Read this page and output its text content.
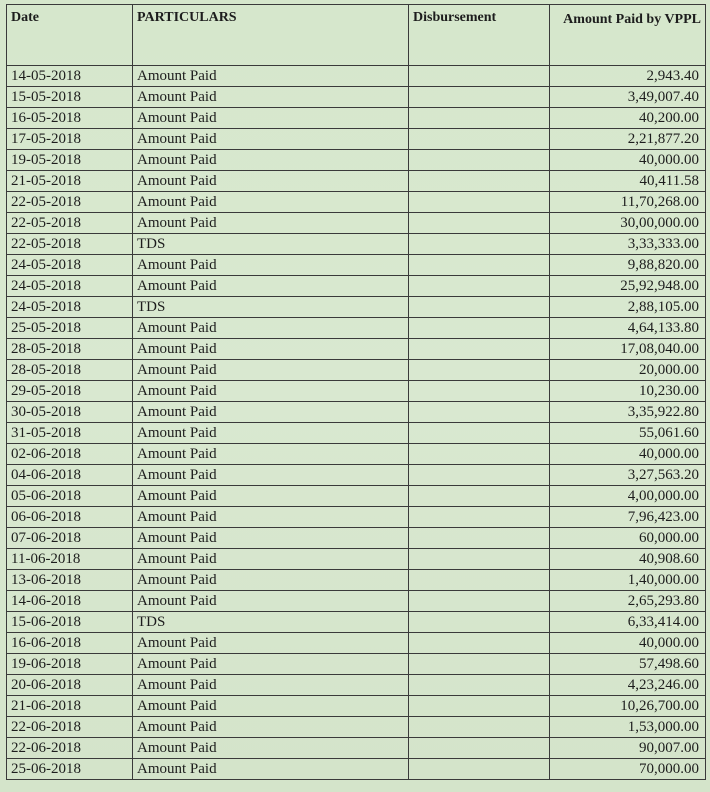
Date	PARTICULARS	Disbursement	Amount Paid by VPPL
14-05-2018	Amount Paid		2,943.40
15-05-2018	Amount Paid		3,49,007.40
16-05-2018	Amount Paid		40,200.00
17-05-2018	Amount Paid		2,21,877.20
19-05-2018	Amount Paid		40,000.00
21-05-2018	Amount Paid		40,411.58
22-05-2018	Amount Paid		11,70,268.00
22-05-2018	Amount Paid		30,00,000.00
22-05-2018	TDS		3,33,333.00
24-05-2018	Amount Paid		9,88,820.00
24-05-2018	Amount Paid		25,92,948.00
24-05-2018	TDS		2,88,105.00
25-05-2018	Amount Paid		4,64,133.80
28-05-2018	Amount Paid		17,08,040.00
28-05-2018	Amount Paid		20,000.00
29-05-2018	Amount Paid		10,230.00
30-05-2018	Amount Paid		3,35,922.80
31-05-2018	Amount Paid		55,061.60
02-06-2018	Amount Paid		40,000.00
04-06-2018	Amount Paid		3,27,563.20
05-06-2018	Amount Paid		4,00,000.00
06-06-2018	Amount Paid		7,96,423.00
07-06-2018	Amount Paid		60,000.00
11-06-2018	Amount Paid		40,908.60
13-06-2018	Amount Paid		1,40,000.00
14-06-2018	Amount Paid		2,65,293.80
15-06-2018	TDS		6,33,414.00
16-06-2018	Amount Paid		40,000.00
19-06-2018	Amount Paid		57,498.60
20-06-2018	Amount Paid		4,23,246.00
21-06-2018	Amount Paid		10,26,700.00
22-06-2018	Amount Paid		1,53,000.00
22-06-2018	Amount Paid		90,007.00
25-06-2018	Amount Paid		70,000.00
